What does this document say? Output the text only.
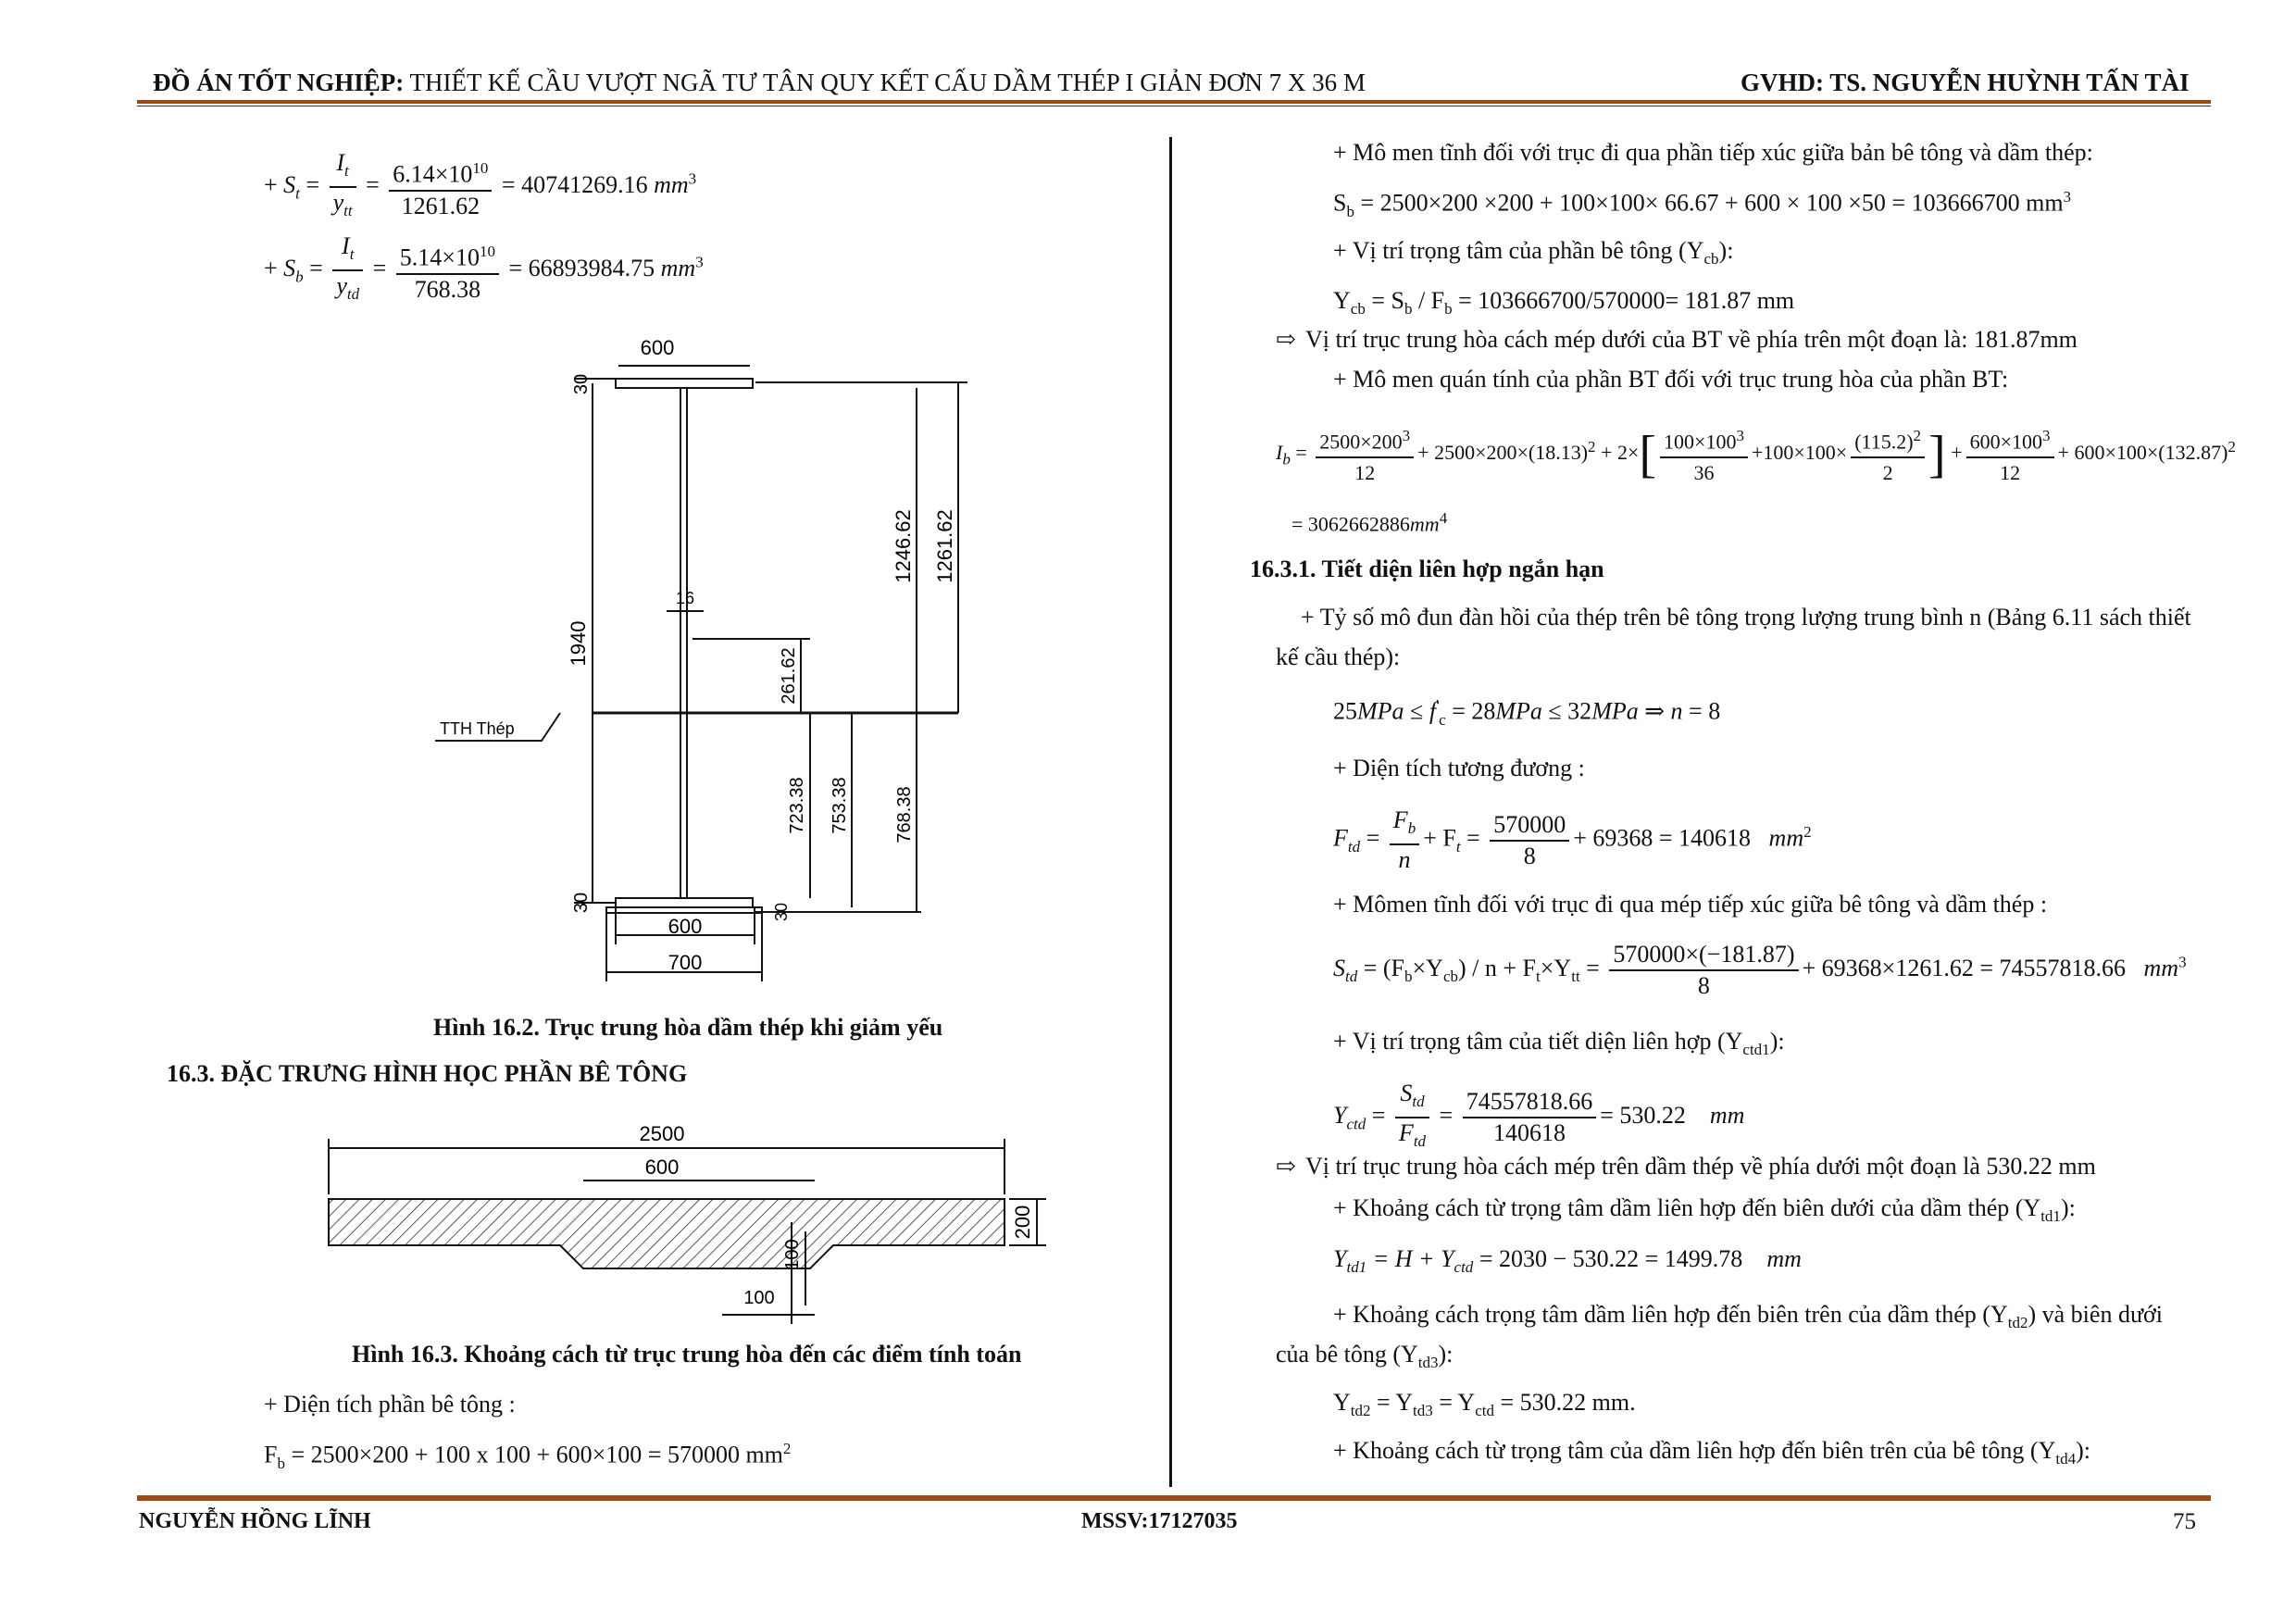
ĐỒ ÁN TỐT NGHIỆP: THIẾT KẾ CẦU VƯỢT NGÃ TƯ TÂN QUY KẾT CẤU DẦM THÉP I GIẢN ĐƠN 7 X 36 M	GVHD: TS. NGUYỄN HUỲNH TẤN TÀI
+ $S_t = \frac{I_t}{y_{tt}} = \frac{6.14\times 10^{10}}{1261.62} = 40741269.16$ $mm^3$
+ $S_b = \frac{I_t}{y_{td}} = \frac{5.14\times 10^{10}}{768.38} = 66893984.75$ $mm^3$
600
30
16
1940
1246.62 1261.62
261.62
723.38 753.38 768.38
30	30
600
700
TTH Thép
Hình 16.2. Trục trung hòa dầm thép khi giảm yếu
16.3. ĐẶC TRƯNG HÌNH HỌC PHẦN BÊ TÔNG
2500
600
200
100
100
Hình 16.3. Khoảng cách từ trục trung hòa đến các điểm tính toán
+ Diện tích phần bê tông :
$F_b = 2500\times 200 + 100$ x 100 + 600×100 = 570000 $mm^2$
+ Mô men tĩnh đối với trục đi qua phần tiếp xúc giữa bản bê tông và dầm thép:
$S_b = 2500\times 200 \times 200 + 100\times 100\times 66.67 + 600 \times 100 \times 50 = 103666700$ $mm^3$
+ Vị trí trọng tâm của phần bê tông $(Y_{cb})$:
$Y_{cb} = S_b / F_b = 103666700/570000= 181.87$ mm
⇨ Vị trí trục trung hòa cách mép dưới của BT về phía trên một đoạn là: 181.87mm
+ Mô men quán tính của phần BT đối với trục trung hòa của phần BT:
$I_b = \frac{2500\times 200^3}{12} + 2500\times 200\times(18.13)^2 + 2\times[ \frac{100\times 100^3}{36} +100\times 100\times \frac{(115.2)^2}{2}$ ] + $\frac{600\times 100^3}{12} + 600\times 100\times(132.87)^2$
= $3062662886mm^4$
16.3.1. Tiết diện liên hợp ngắn hạn
+ Tỷ số mô đun đàn hồi của thép trên bê tông trọng lượng trung bình n (Bảng 6.11 sách thiết
kế cầu thép):
$25MPa \le f'_c = 28MPa \le 32MPa$ ⇒ n = 8
+ Diện tích tương đương :
$F_{td} = \frac{F_b}{n} + F_t = \frac{570000}{8} + 69368 = 140618$ $mm^2$
+ Mômen tĩnh đối với trục đi qua mép tiếp xúc giữa bê tông và dầm thép :
$S_{td} = (F_b\times Y_{cb}) / n + F_t\times Y_{tt} = \frac{570000\times(-181.87)}{8} + 69368\times 1261.62 = 74557818.66$ $mm^3$
+ Vị trí trọng tâm của tiết diện liên hợp $(Y_{ctd1})$:
$Y_{ctd} = \frac{S_{td}}{F_{td}} = \frac{74557818.66}{140618} = 530.22$ mm
⇨ Vị trí trục trung hòa cách mép trên dầm thép về phía dưới một đoạn là 530.22 mm
+ Khoảng cách từ trọng tâm dầm liên hợp đến biên dưới của dầm thép $(Y_{td1})$:
$Y_{td1} = H + Y_{ctd} = 2030 - 530.22 = 1499.78$ mm
+ Khoảng cách trọng tâm dầm liên hợp đến biên trên của dầm thép $(Y_{td2})$ và biên dưới
của bê tông $(Y_{td3})$:
$Y_{td2} = Y_{td3} = Y_{ctd} = 530.22$ mm.
+ Khoảng cách từ trọng tâm của dầm liên hợp đến biên trên của bê tông $(Y_{td4})$:
NGUYỄN HỒNG LĨNH	MSSV:17127035	75
